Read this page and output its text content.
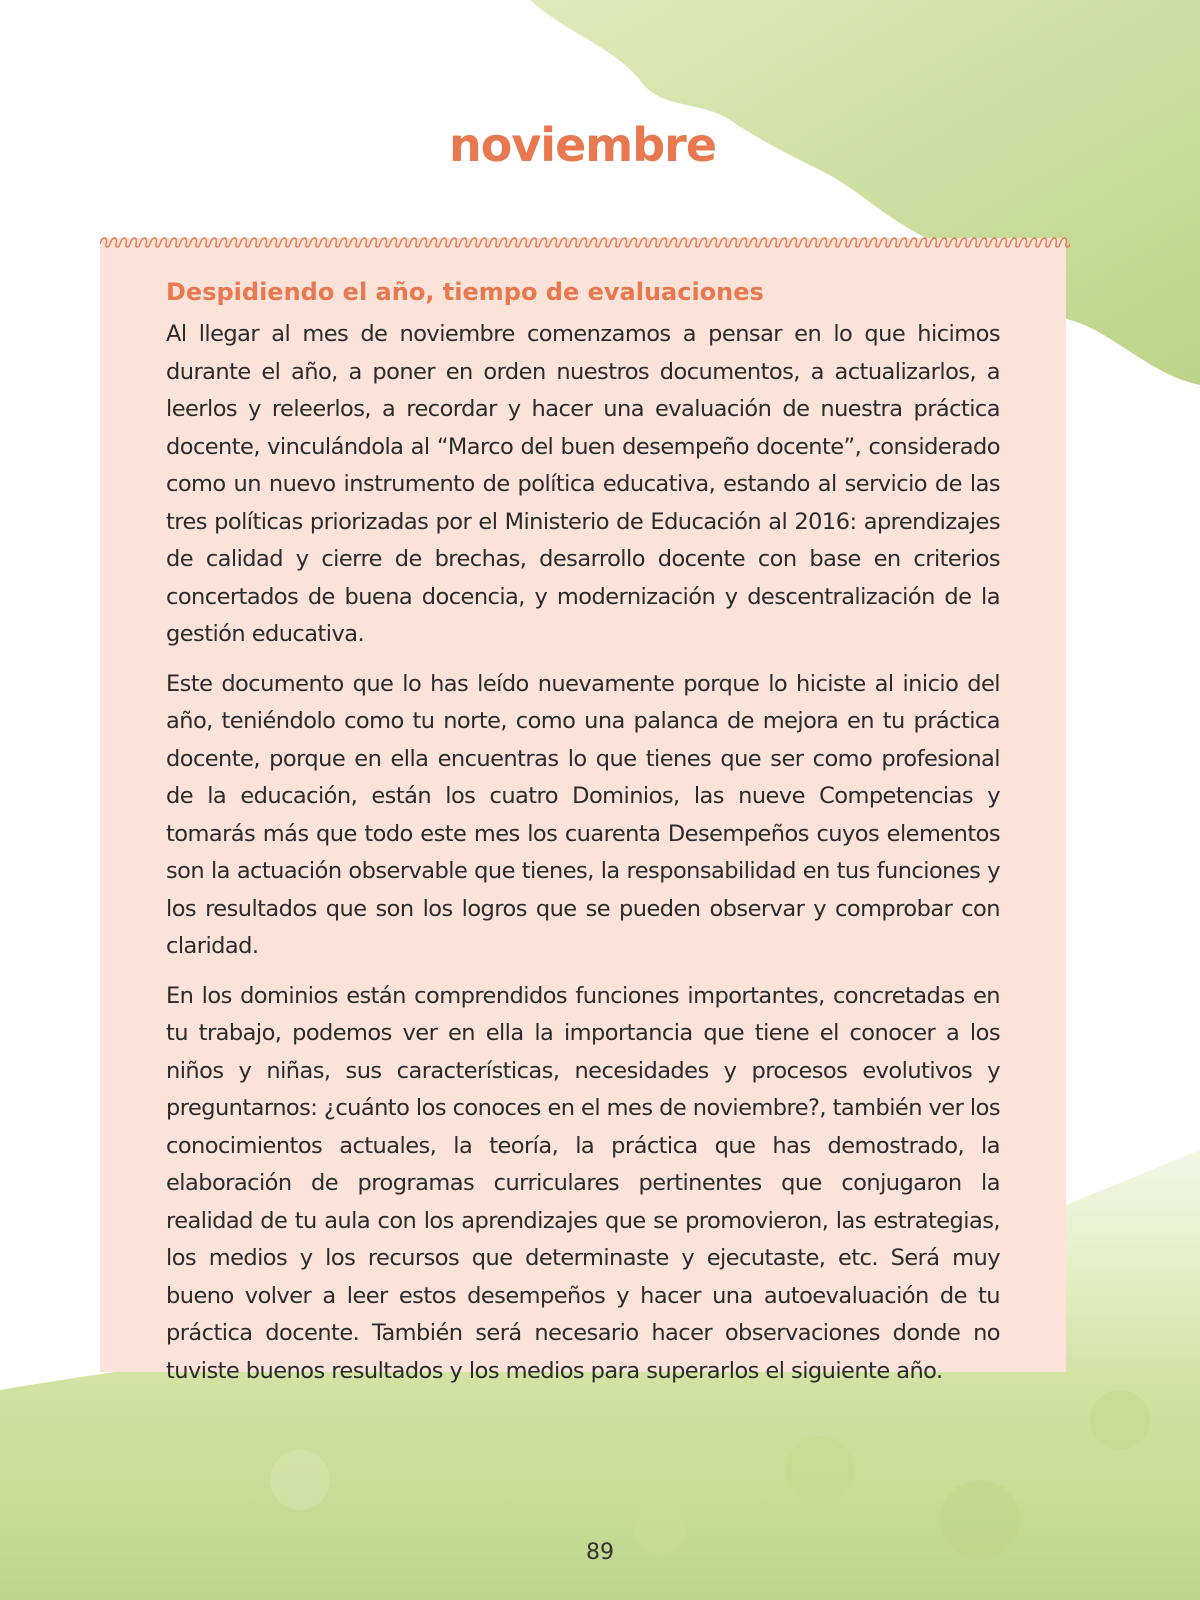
noviembre
Despidiendo el año, tiempo de evaluaciones

Al llegar al mes de noviembre comenzamos a pensar en lo que hicimos durante el año, a poner en orden nuestros documentos, a actualizarlos, a leerlos y releerlos, a recordar y hacer una evaluación de nuestra práctica docente, vinculándola al “Marco del buen desempeño docente”, considerado como un nuevo instrumento de política educativa, estando al servicio de las tres políticas priorizadas por el Ministerio de Educación al 2016: aprendizajes de calidad y cierre de brechas, desarrollo docente con base en criterios concertados de buena docencia, y modernización y descentralización de la gestión educativa.

Este documento que lo has leído nuevamente porque lo hiciste al inicio del año, teniéndolo como tu norte, como una palanca de mejora en tu práctica docente, porque en ella encuentras lo que tienes que ser como profesional de la educación, están los cuatro Dominios, las nueve Competencias y tomarás más que todo este mes los cuarenta Desempeños cuyos elementos son la actuación observable que tienes, la responsabilidad en tus funciones y los resultados que son los logros que se pueden observar y comprobar con claridad.

En los dominios están comprendidos funciones importantes, concretadas en tu trabajo, podemos ver en ella la importancia que tiene el conocer a los niños y niñas, sus características, necesidades y procesos evolutivos y preguntarnos: ¿cuánto los conoces en el mes de noviembre?, también ver los conocimientos actuales, la teoría, la práctica que has demostrado, la elaboración de programas curriculares pertinentes que conjugaron la realidad de tu aula con los aprendizajes que se promovieron, las estrategias, los medios y los recursos que determinaste y ejecutaste, etc. Será muy bueno volver a leer estos desempeños y hacer una autoevaluación de tu práctica docente. También será necesario hacer observaciones donde no tuviste buenos resultados y los medios para superarlos el siguiente año.

89
